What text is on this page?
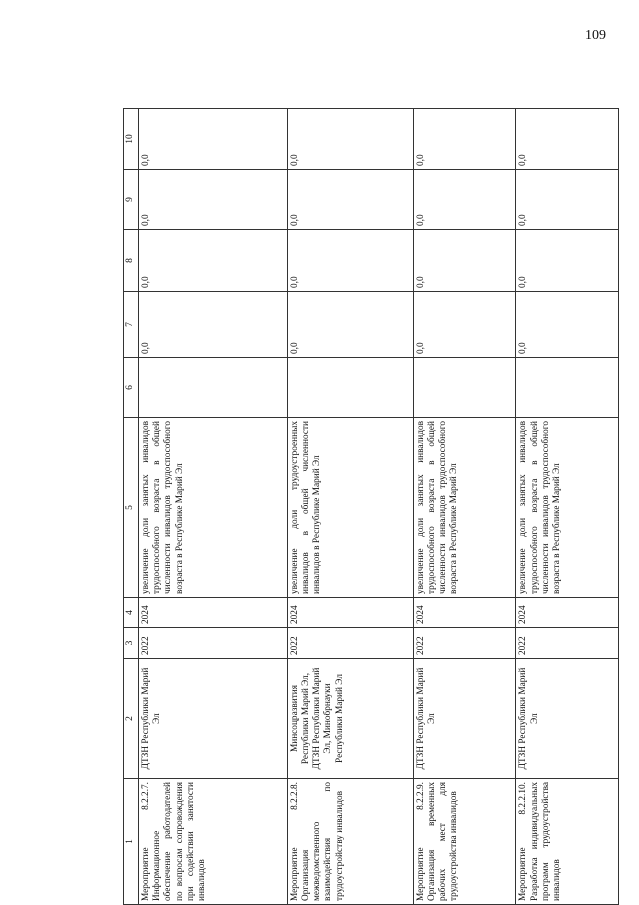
109
1	2	3	4	5	6	7	8	9	10
Мероприятие 8.2.2.7. Информационное обеспечение работодателей по вопросам сопровождения при содействии занятости инвалидов	ДТЗН Республики Марий Эл	2022	2024	увеличение доли занятых инвалидов трудоспособного возраста в общей численности инвалидов трудоспособного возраста в Республике Марий Эл		0,0	0,0	0,0	0,0
Мероприятие 8.2.2.8. Организация межведомственного взаимодействия по трудоустройству инвалидов	Минсоцразвития Республики Марий Эл, ДТЗН Республики Марий Эл, Минобрнауки Республики Марий Эл	2022	2024	увеличение доли трудоустроенных инвалидов в общей численности инвалидов в Республике Марий Эл		0,0	0,0	0,0	0,0
Мероприятие 8.2.2.9. Организация временных рабочих мест для трудоустройства инвалидов	ДТЗН Республики Марий Эл	2022	2024	увеличение доли занятых инвалидов трудоспособного возраста в общей численности инвалидов трудоспособного возраста в Республике Марий Эл		0,0	0,0	0,0	0,0
Мероприятие 8.2.2.10. Разработка индивидуальных программ трудоустройства инвалидов	ДТЗН Республики Марий Эл	2022	2024	увеличение доли занятых инвалидов трудоспособного возраста в общей численности инвалидов трудоспособного возраста в Республике Марий Эл		0,0	0,0	0,0	0,0
